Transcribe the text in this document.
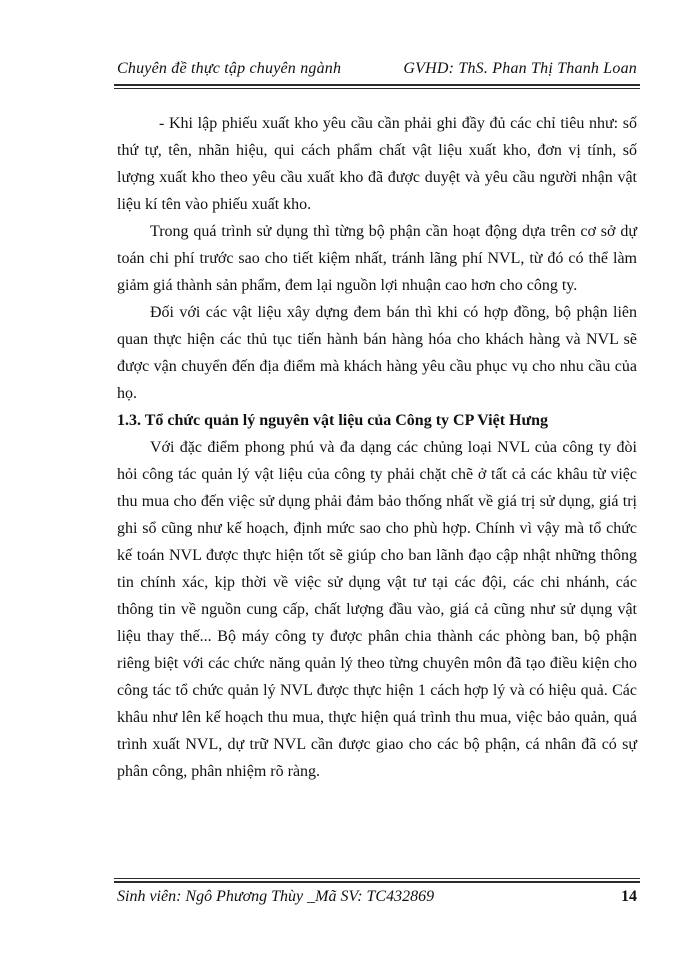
Chuyên đề thực tập chuyên ngành	GVHD: ThS. Phan Thị Thanh Loan

- Khi lập phiếu xuất kho yêu cầu cần phải ghi đầy đủ các chỉ tiêu như: số thứ tự, tên, nhãn hiệu, qui cách phẩm chất vật liệu xuất kho, đơn vị tính, số lượng xuất kho theo yêu cầu xuất kho đã được duyệt và yêu cầu người nhận vật liệu kí tên vào phiếu xuất kho.

Trong quá trình sử dụng thì từng bộ phận cần hoạt động dựa trên cơ sở dự toán chi phí trước sao cho tiết kiệm nhất, tránh lãng phí NVL, từ đó có thể làm giảm giá thành sản phẩm, đem lại nguồn lợi nhuận cao hơn cho công ty.

Đối với các vật liệu xây dựng đem bán thì khi có hợp đồng, bộ phận liên quan thực hiện các thủ tục tiến hành bán hàng hóa cho khách hàng và NVL sẽ được vận chuyển đến địa điểm mà khách hàng yêu cầu phục vụ cho nhu cầu của họ.

1.3. Tổ chức quản lý nguyên vật liệu của Công ty CP Việt Hưng

Với đặc điểm phong phú và đa dạng các chủng loại NVL của công ty đòi hỏi công tác quản lý vật liệu của công ty phải chặt chẽ ở tất cả các khâu từ việc thu mua cho đến việc sử dụng phải đảm bảo thống nhất về giá trị sử dụng, giá trị ghi sổ cũng như kế hoạch, định mức sao cho phù hợp. Chính vì vậy mà tổ chức kế toán NVL được thực hiện tốt sẽ giúp cho ban lãnh đạo cập nhật những thông tin chính xác, kịp thời về việc sử dụng vật tư tại các đội, các chi nhánh, các thông tin về nguồn cung cấp, chất lượng đầu vào, giá cả cũng như sử dụng vật liệu thay thế... Bộ máy công ty được phân chia thành các phòng ban, bộ phận riêng biệt với các chức năng quản lý theo từng chuyên môn đã tạo điều kiện cho công tác tổ chức quản lý NVL được thực hiện 1 cách hợp lý và có hiệu quả. Các khâu như lên kế hoạch thu mua, thực hiện quá trình thu mua, việc bảo quản, quá trình xuất NVL, dự trữ NVL cần được giao cho các bộ phận, cá nhân đã có sự phân công, phân nhiệm rõ ràng.

Sinh viên: Ngô Phương Thùy _Mã SV: TC432869	14
